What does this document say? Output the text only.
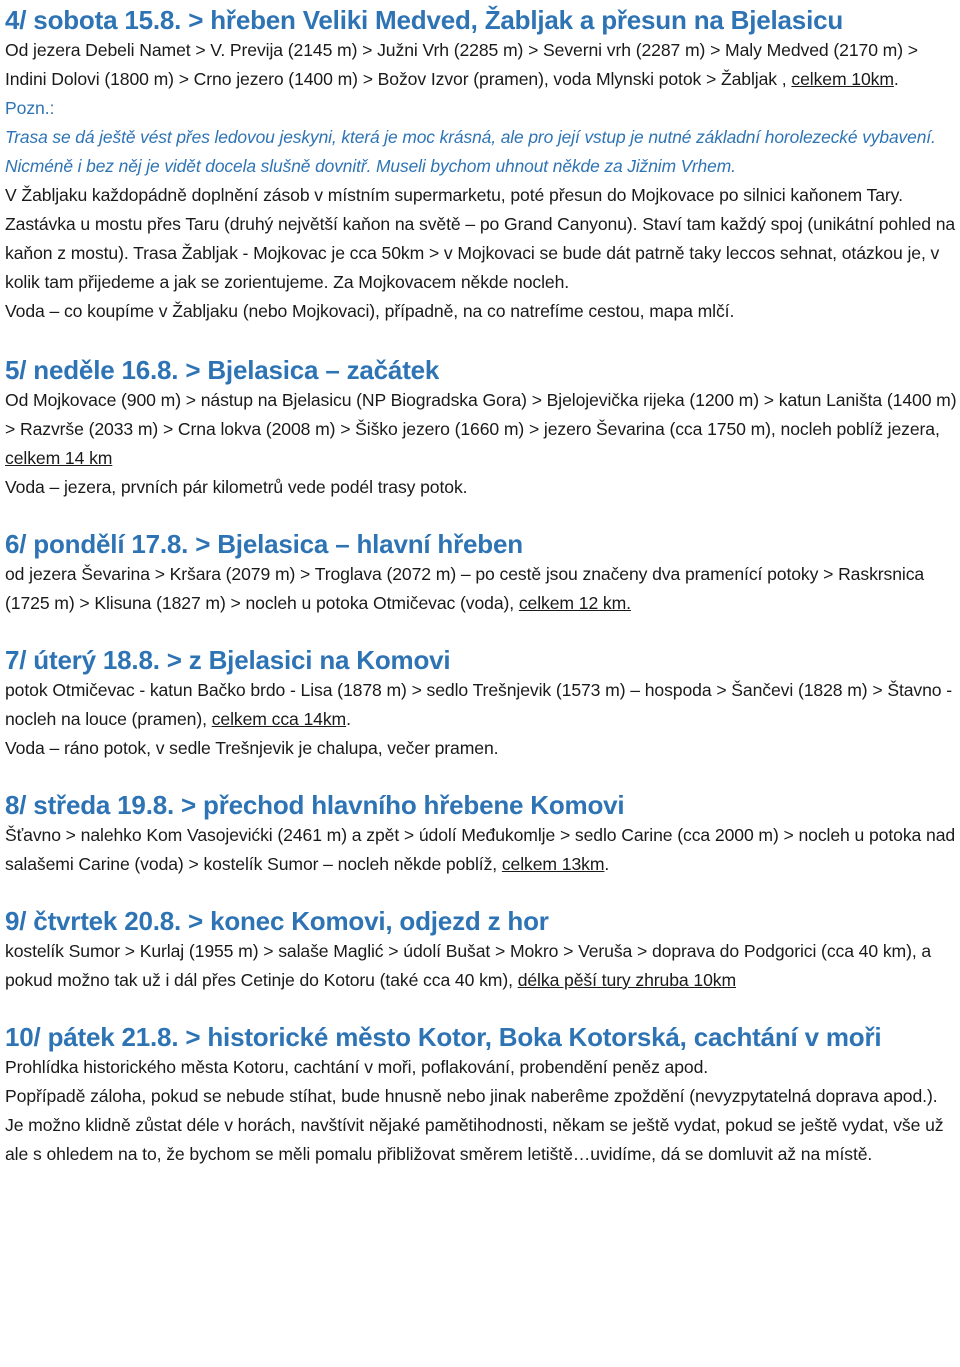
4/ sobota 15.8. > hřeben Veliki Medved, Žabljak a přesun na Bjelasicu

Od jezera Debeli Namet > V. Previja (2145 m) > Južni Vrh (2285 m) > Severni vrh (2287 m) > Maly Medved (2170 m) > Indini Dolovi (1800 m) > Crno jezero (1400 m) > Božov Izvor (pramen), voda Mlynski potok > Žabljak , celkem 10km.

Pozn.:

Trasa se dá ještě vést přes ledovou jeskyni, která je moc krásná, ale pro její vstup je nutné základní horolezecké vybavení. Nicméně i bez něj je vidět docela slušně dovnitř. Museli bychom uhnout někde za Jižnim Vrhem.

V Žabljaku každopádně doplnění zásob v místním supermarketu, poté přesun do Mojkovace po silnici kaňonem Tary. Zastávka u mostu přes Taru (druhý největší kaňon na světě – po Grand Canyonu). Staví tam každý spoj (unikátní pohled na kaňon z mostu). Trasa Žabljak - Mojkovac je cca 50km > v Mojkovaci se bude dát patrně taky leccos sehnat, otázkou je, v kolik tam přijedeme a jak se zorientujeme. Za Mojkovacem někde nocleh.

Voda – co koupíme v Žabljaku (nebo Mojkovaci), případně, na co natrefíme cestou, mapa mlčí.

5/ neděle 16.8. > Bjelasica – začátek

Od Mojkovace (900 m) > nástup na Bjelasicu (NP Biogradska Gora) > Bjelojevička rijeka (1200 m) > katun Laništa (1400 m) > Razvrše (2033 m) > Crna lokva (2008 m) > Šiško jezero (1660 m) > jezero Ševarina (cca 1750 m), nocleh poblíž jezera, celkem 14 km

Voda – jezera, prvních pár kilometrů vede podél trasy potok.

6/ pondělí 17.8. > Bjelasica – hlavní hřeben

od jezera Ševarina > Kršara (2079 m) > Troglava (2072 m) – po cestě jsou značeny dva pramenící potoky > Raskrsnica (1725 m) > Klisuna (1827 m) > nocleh u potoka Otmičevac (voda), celkem 12 km.

7/ úterý 18.8. > z Bjelasici na Komovi

potok Otmičevac - katun Bačko brdo - Lisa (1878 m) > sedlo Trešnjevik (1573 m) – hospoda > Šančevi (1828 m) > Štavno - nocleh na louce (pramen), celkem cca 14km.

Voda – ráno potok, v sedle Trešnjevik je chalupa, večer pramen.

8/ středa 19.8. > přechod hlavního hřebene Komovi

Šťavno > nalehko Kom Vasojevićki (2461 m) a zpět > údolí Međukomlje > sedlo Carine (cca 2000 m) > nocleh u potoka nad salašemi Carine (voda) > kostelík Sumor – nocleh někde poblíž, celkem 13km.

9/ čtvrtek 20.8. > konec Komovi, odjezd z hor

kostelík Sumor > Kurlaj (1955 m) > salaše Maglić > údolí Bušat > Mokro > Veruša > doprava do Podgorici (cca 40 km), a pokud možno tak už i dál přes Cetinje do Kotoru (také cca 40 km), délka pěší tury zhruba 10km

10/ pátek 21.8. > historické město Kotor, Boka Kotorská, cachtání v moři

Prohlídka historického města Kotoru, cachtání v moři, poflakování, probendění peněz apod.

Popřípadě záloha, pokud se nebude stíhat, bude hnusně nebo jinak naberême zpoždění (nevyzpytatelná doprava apod.).

Je možno klidně zůstat déle v horách, navštívit nějaké pamětihodnosti, někam se ještě vydat, pokud se ještě vydat, vše už ale s ohledem na to, že bychom se měli pomalu přibližovat směrem letiště…uvidíme, dá se domluvit až na místě.
